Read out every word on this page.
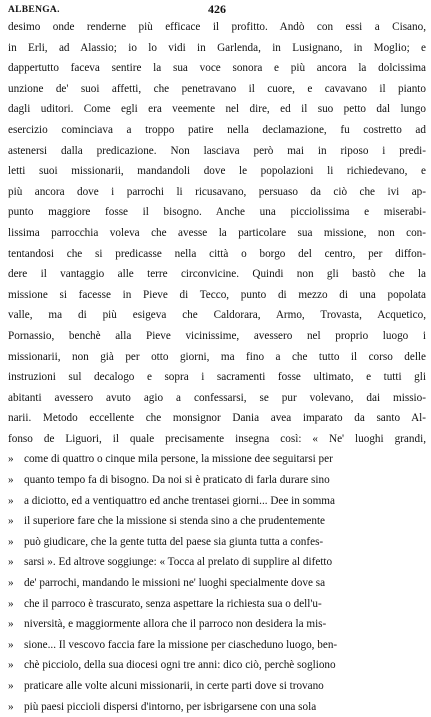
ALBENGA.	426
desimo onde renderne più efficace il profitto. Andò con essi a Cisano,
in Erli, ad Alassio; io lo vidi in Garlenda, in Lusignano, in Moglio; e
dappertutto faceva sentire la sua voce sonora e più ancora la dolcissima
unzione de' suoi affetti, che penetravano il cuore, e cavavano il pianto
dagli uditori. Come egli era veemente nel dire, ed il suo petto dal lungo
esercizio cominciava a troppo patire nella declamazione, fu costretto ad
astenersi dalla predicazione. Non lasciava però mai in riposo i predi-
letti suoi missionarii, mandandoli dove le popolazioni li richiedevano, e
più ancora dove i parrochi li ricusavano, persuaso da ciò che ivi ap-
punto maggiore fosse il bisogno. Anche una picciolissima e miserabi-
lissima parrocchia voleva che avesse la particolare sua missione, non con-
tentandosi che si predicasse nella città o borgo del centro, per diffon-
dere il vantaggio alle terre circonvicine. Quindi non gli bastò che la
missione si facesse in Pieve di Tecco, punto di mezzo di una popolata
valle, ma di più esigeva che Caldorara, Armo, Trovasta, Acquetico,
Pornassio, benchè alla Pieve vicinissime, avessero nel proprio luogo i
missionarii, non già per otto giorni, ma fino a che tutto il corso delle
instruzioni sul decalogo e sopra i sacramenti fosse ultimato, e tutti gli
abitanti avessero avuto agio a confessarsi, se pur volevano, dai missio-
narii. Metodo eccellente che monsignor Dania avea imparato da santo Al-
fonso de Liguori, il quale precisamente insegna così: « Ne' luoghi grandi,
» come di quattro o cinque mila persone, la missione dee seguitarsi per
» quanto tempo fa di bisogno. Da noi si è praticato di farla durare sino
» a diciotto, ed a ventiquattro ed anche trentasei giorni... Dee in somma
» il superiore fare che la missione si stenda sino a che prudentemente
» può giudicare, che la gente tutta del paese sia giunta tutta a confes-
» sarsi ». Ed altrove soggiunge: « Tocca al prelato di supplire al difetto
» de' parrochi, mandando le missioni ne' luoghi specialmente dove sa
» che il parroco è trascurato, senza aspettare la richiesta sua o dell'u-
» niversità, e maggiormente allora che il parroco non desidera la mis-
» sione... Il vescovo faccia fare la missione per ciascheduno luogo, ben-
» chè picciolo, della sua diocesi ogni tre anni: dico ciò, perchè sogliono
» praticare alle volte alcuni missionarii, in certe parti dove si trovano
» più paesi piccioli dispersi d'intorno, per isbrigarsene con una sola
